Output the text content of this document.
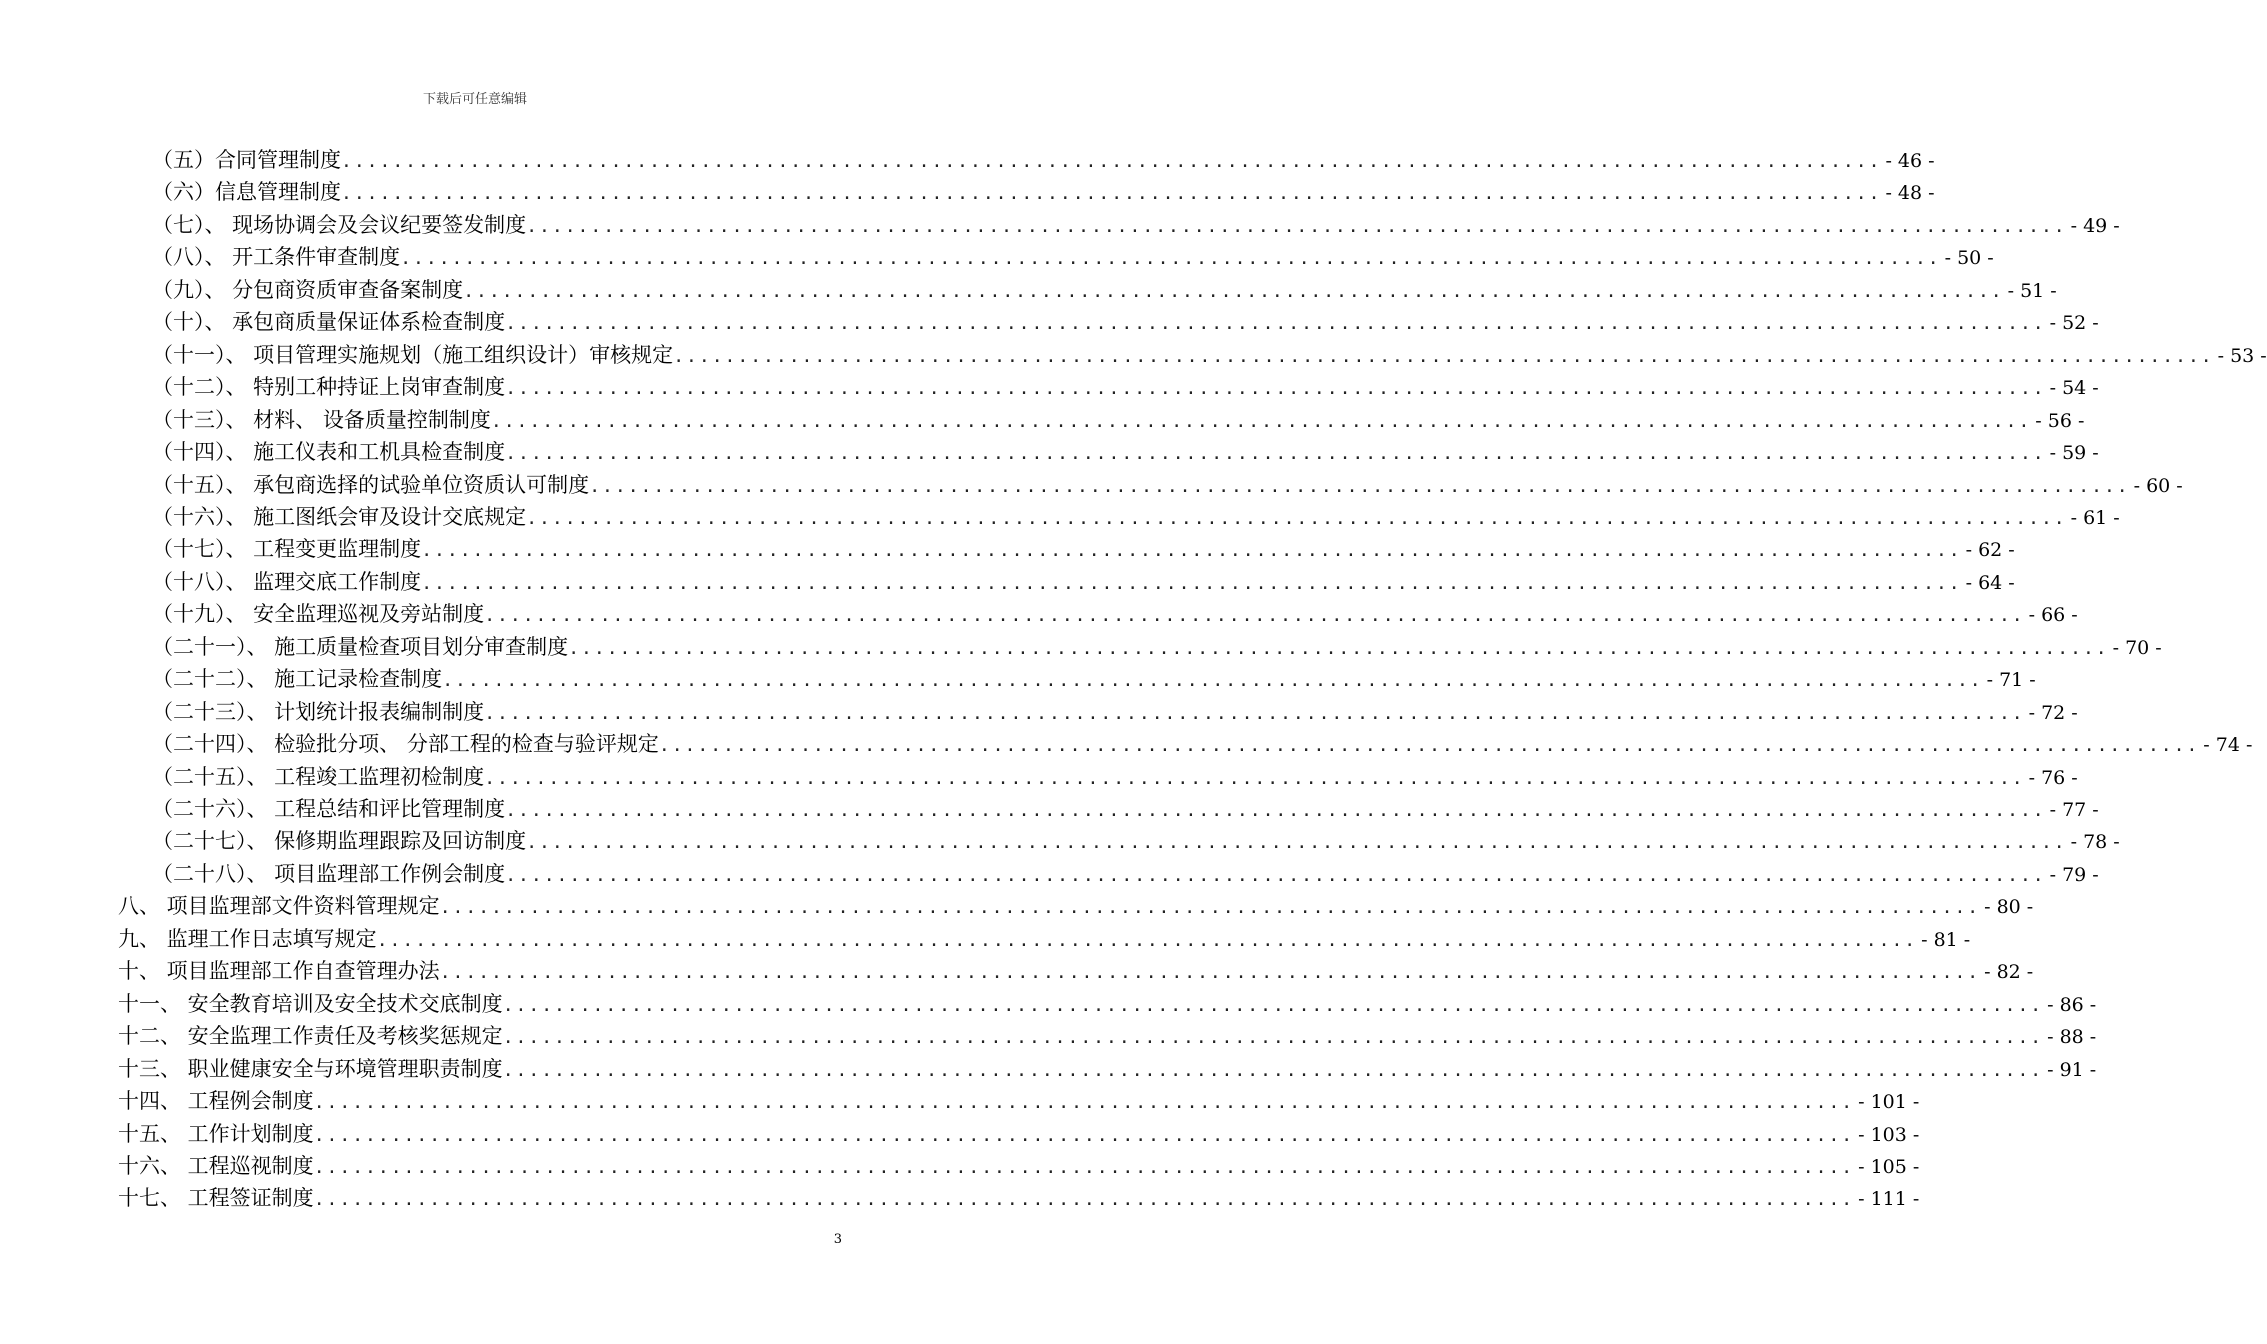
下载后可任意编辑
（五）合同管理制度 ........................................................................................................................ - 46 -
（六）信息管理制度 ........................................................................................................................ - 48 -
（七）、 现场协调会及会议纪要签发制度 ........................................................................................................................ - 49 -
（八）、 开工条件审查制度 ........................................................................................................................ - 50 -
（九）、 分包商资质审查备案制度 ........................................................................................................................ - 51 -
（十）、 承包商质量保证体系检查制度 ........................................................................................................................ - 52 -
（十一）、 项目管理实施规划（施工组织设计）审核规定 ........................................................................................................................ - 53 -
（十二）、 特别工种持证上岗审查制度 ........................................................................................................................ - 54 -
（十三）、 材料、 设备质量控制制度 ........................................................................................................................ - 56 -
（十四）、 施工仪表和工机具检查制度 ........................................................................................................................ - 59 -
（十五）、 承包商选择的试验单位资质认可制度 ........................................................................................................................ - 60 -
（十六）、 施工图纸会审及设计交底规定 ........................................................................................................................ - 61 -
（十七）、 工程变更监理制度 ........................................................................................................................ - 62 -
（十八）、 监理交底工作制度 ........................................................................................................................ - 64 -
（十九）、 安全监理巡视及旁站制度 ........................................................................................................................ - 66 -
（二十一）、 施工质量检查项目划分审查制度 ........................................................................................................................ - 70 -
（二十二）、 施工记录检查制度 ........................................................................................................................ - 71 -
（二十三）、 计划统计报表编制制度 ........................................................................................................................ - 72 -
（二十四）、 检验批分项、 分部工程的检查与验评规定 ........................................................................................................................ - 74 -
（二十五）、 工程竣工监理初检制度 ........................................................................................................................ - 76 -
（二十六）、 工程总结和评比管理制度 ........................................................................................................................ - 77 -
（二十七）、 保修期监理跟踪及回访制度 ........................................................................................................................ - 78 -
（二十八）、 项目监理部工作例会制度 ........................................................................................................................ - 79 -
八、 项目监理部文件资料管理规定 ........................................................................................................................ - 80 -
九、 监理工作日志填写规定 ........................................................................................................................ - 81 -
十、 项目监理部工作自查管理办法 ........................................................................................................................ - 82 -
十一、 安全教育培训及安全技术交底制度 ........................................................................................................................ - 86 -
十二、 安全监理工作责任及考核奖惩规定 ........................................................................................................................ - 88 -
十三、 职业健康安全与环境管理职责制度 ........................................................................................................................ - 91 -
十四、 工程例会制度 ........................................................................................................................ - 101 -
十五、 工作计划制度 ........................................................................................................................ - 103 -
十六、 工程巡视制度 ........................................................................................................................ - 105 -
十七、 工程签证制度 ........................................................................................................................ - 111 -
3
